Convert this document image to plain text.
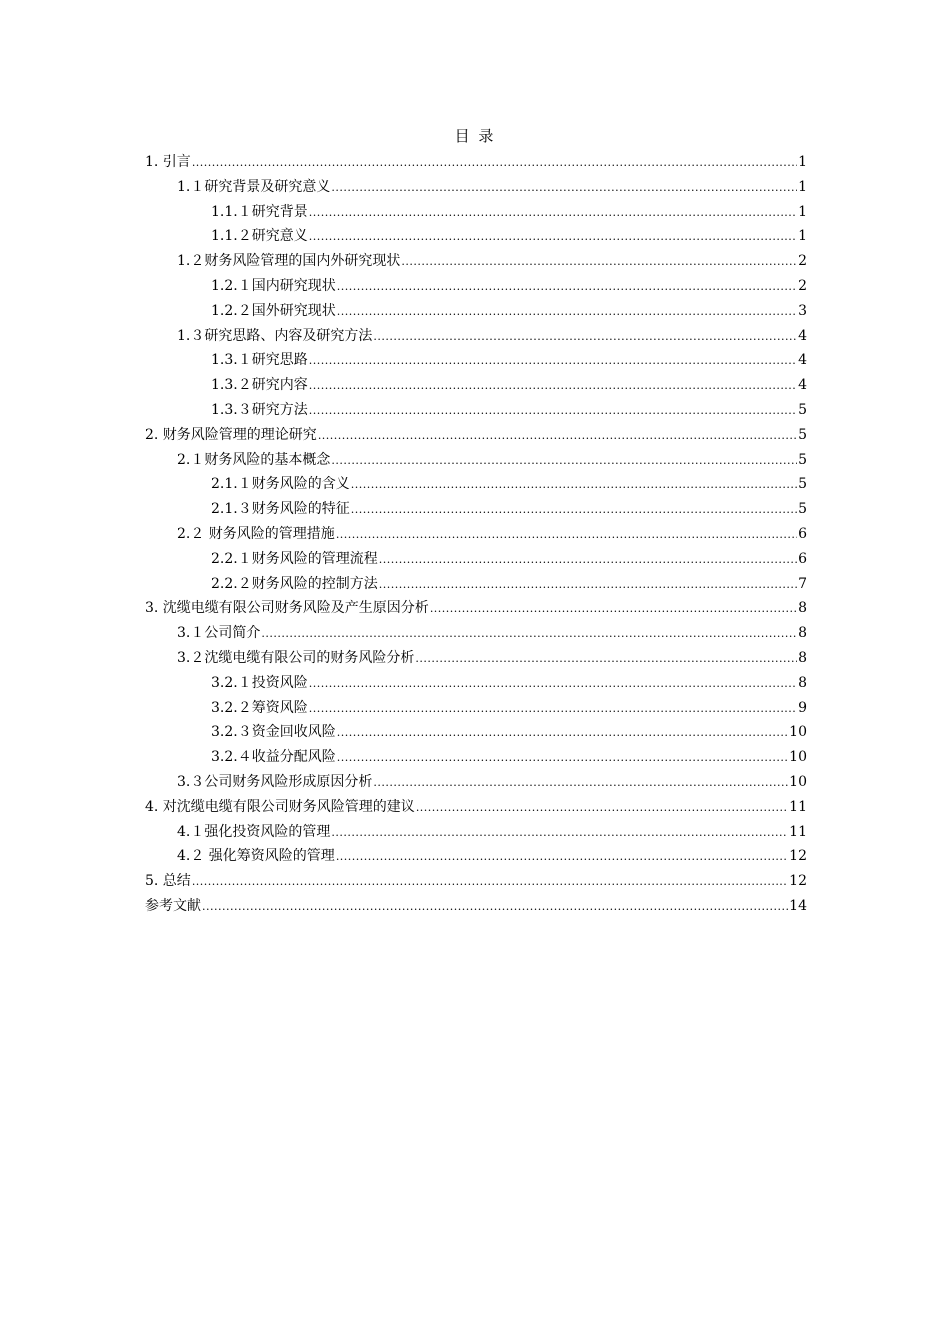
目 录
1. 引言 .....	1
1.１研究背景及研究意义 .....	1
1.1.１研究背景 .....	1
1.1.２研究意义 .....	1
1.２财务风险管理的国内外研究现状 .....	2
1.2.１国内研究现状 .....	2
1.2.２国外研究现状 .....	3
1.３研究思路、内容及研究方法 .....	4
1.3.１研究思路 .....	4
1.3.２研究内容 .....	4
1.3.３研究方法 .....	5
2. 财务风险管理的理论研究 .....	5
2.１财务风险的基本概念 .....	5
2.1.１财务风险的含义 .....	5
2.1.３财务风险的特征 .....	5
2.２ 财务风险的管理措施 .....	6
2.2.１财务风险的管理流程 .....	6
2.2.２财务风险的控制方法 .....	7
3. 沈缆电缆有限公司财务风险及产生原因分析 .....	8
3.１公司简介 .....	8
3.２沈缆电缆有限公司的财务风险分析 .....	8
3.2.１投资风险 .....	8
3.2.２筹资风险 .....	9
3.2.３资金回收风险 .....	10
3.2.４收益分配风险 .....	10
3.３公司财务风险形成原因分析 .....	10
4. 对沈缆电缆有限公司财务风险管理的建议 .....	11
4.１强化投资风险的管理 .....	11
4.２ 强化筹资风险的管理 .....	12
5. 总结 .....	12
参考文献 .....	14
